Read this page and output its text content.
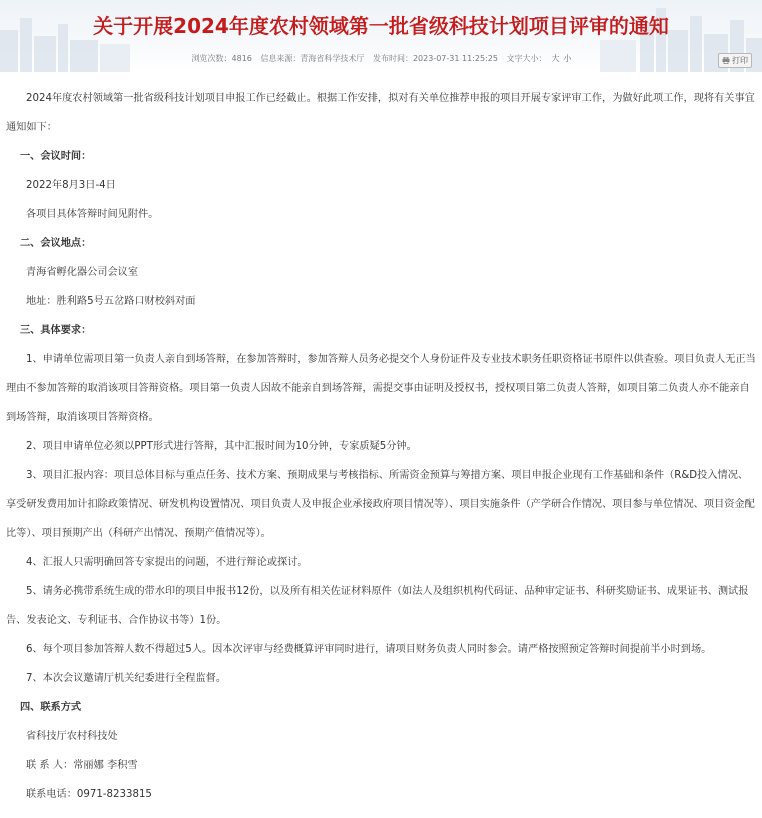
关于开展2024年度农村领域第一批省级科技计划项目评审的通知
浏览次数：4816 信息来源：青海省科学技术厅 发布时间：2023-07-31 11:25:25 文字大小： 大 小	打印

2024年度农村领域第一批省级科技计划项目申报工作已经截止。根据工作安排，拟对有关单位推荐申报的项目开展专家评审工作，为做好此项工作，现将有关事宜通知如下：

一、会议时间：

2022年8月3日-4日

各项目具体答辩时间见附件。

二、会议地点：

青海省孵化器公司会议室

地址：胜利路5号五岔路口财校斜对面

三、具体要求：

1、申请单位需项目第一负责人亲自到场答辩，在参加答辩时，参加答辩人员务必提交个人身份证件及专业技术职务任职资格证书原件以供查验。项目负责人无正当理由不参加答辩的取消该项目答辩资格。项目第一负责人因故不能亲自到场答辩，需提交事由证明及授权书，授权项目第二负责人答辩，如项目第二负责人亦不能亲自到场答辩，取消该项目答辩资格。

2、项目申请单位必须以PPT形式进行答辩，其中汇报时间为10分钟，专家质疑5分钟。

3、项目汇报内容：项目总体目标与重点任务、技术方案、预期成果与考核指标、所需资金预算与筹措方案、项目申报企业现有工作基础和条件（R&D投入情况、享受研发费用加计扣除政策情况、研发机构设置情况、项目负责人及申报企业承接政府项目情况等）、项目实施条件（产学研合作情况、项目参与单位情况、项目资金配比等）、项目预期产出（科研产出情况、预期产值情况等）。

4、汇报人只需明确回答专家提出的问题，不进行辩论或探讨。

5、请务必携带系统生成的带水印的项目申报书12份，以及所有相关佐证材料原件（如法人及组织机构代码证、品种审定证书、科研奖励证书、成果证书、测试报告、发表论文、专利证书、合作协议书等）1份。

6、每个项目参加答辩人数不得超过5人。因本次评审与经费概算评审同时进行，请项目财务负责人同时参会。请严格按照预定答辩时间提前半小时到场。

7、本次会议邀请厅机关纪委进行全程监督。

四、联系方式

省科技厅农村科技处

联 系 人：常丽娜 李积雪

联系电话：0971-8233815
